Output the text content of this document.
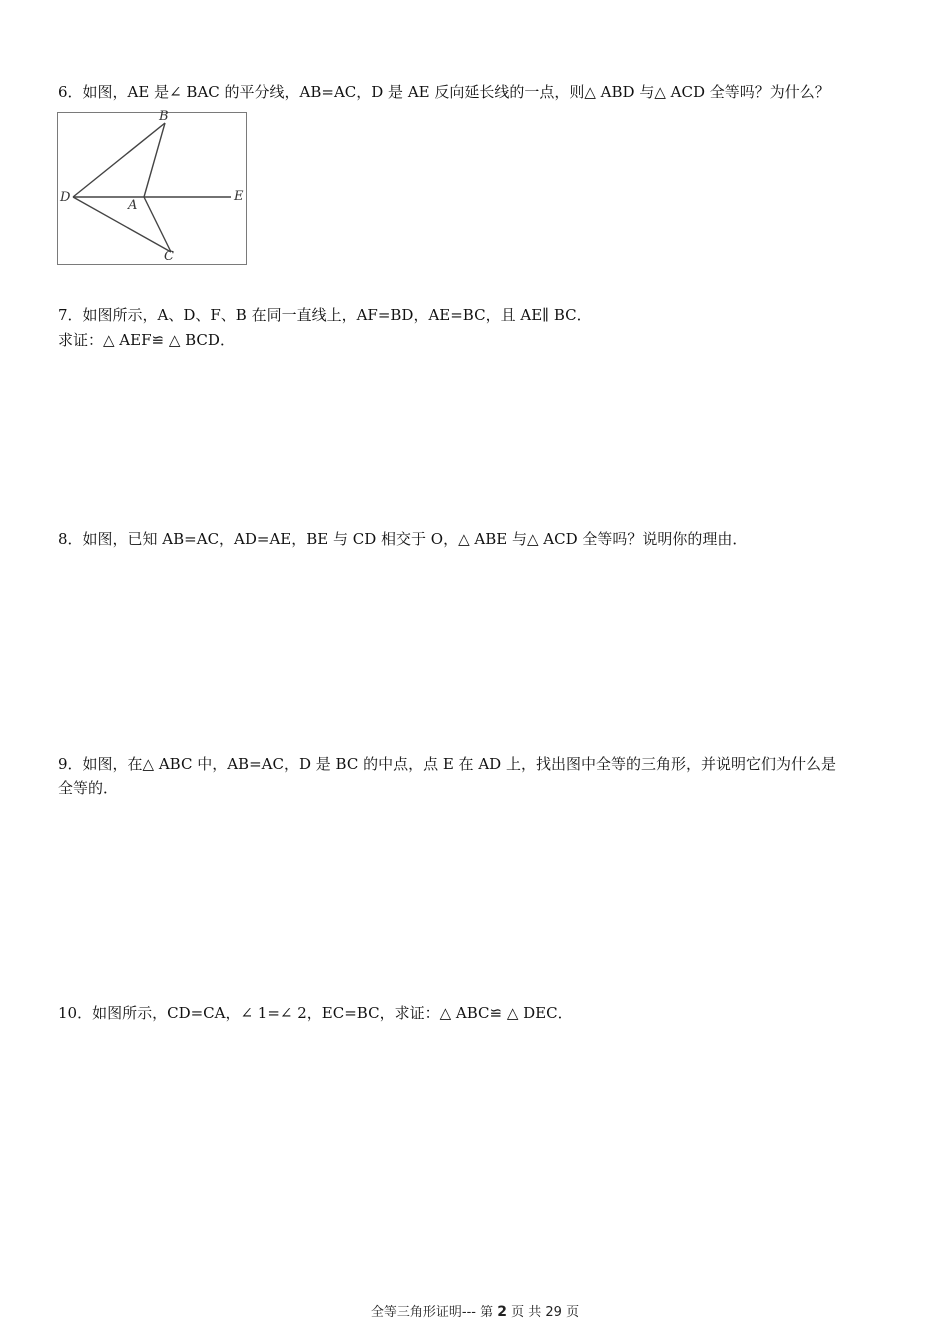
6．如图，AE 是∠ BAC 的平分线，AB=AC，D 是 AE 反向延长线的一点，则△ ABD 与△ ACD 全等吗？为什么？
B
D
A
E
C
7．如图所示，A、D、F、B 在同一直线上，AF=BD，AE=BC，且 AE∥ BC．
求证：△ AEF≌ △ BCD．
8．如图，已知 AB=AC，AD=AE，BE 与 CD 相交于 O，△ ABE 与△ ACD 全等吗？说明你的理由．
9．如图，在△ ABC 中，AB=AC，D 是 BC 的中点，点 E 在 AD 上，找出图中全等的三角形，并说明它们为什么是
全等的．
10．如图所示，CD=CA，∠ 1=∠ 2，EC=BC，求证：△ ABC≌ △ DEC．
全等三角形证明--- 第 2 页 共 29 页
